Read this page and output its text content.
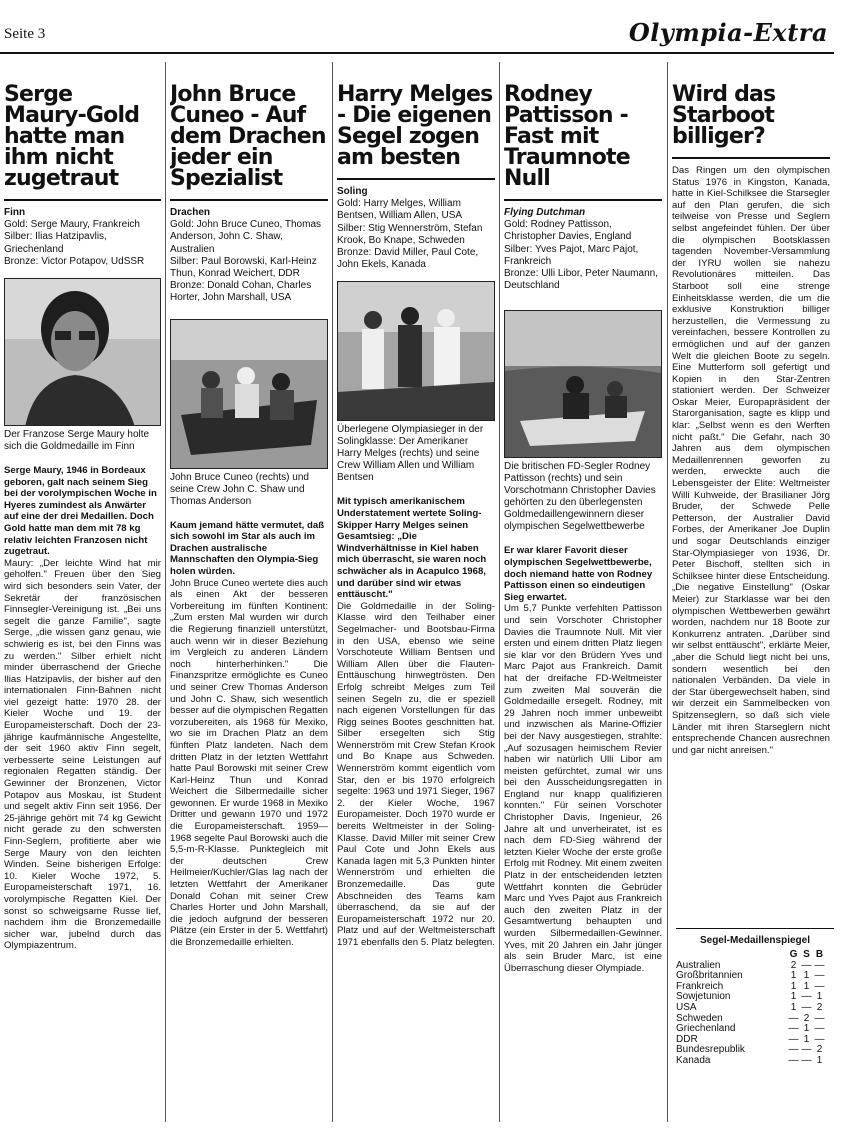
Seite 3	Olympia-Extra
Serge Maury-Gold hatte man ihm nicht zugetraut
Finn
Gold: Serge Maury, Frankreich
Silber: Ilias Hatzipavlis, Griechenland
Bronze: Victor Potapov, UdSSR
Der Franzose Serge Maury holte sich die Goldmedaille im Finn
Serge Maury, 1946 in Bordeaux geboren, galt nach seinem Sieg bei der vorolympischen Woche in Hyeres zumindest als Anwärter auf eine der drei Medaillen. Doch Gold hatte man dem mit 78 kg relativ leichten Franzosen nicht zugetraut.
Maury: „Der leichte Wind hat mir geholfen." Freuen über den Sieg wird sich besonders sein Vater, der Sekretär der französischen Finnsegler-Vereinigung ist. „Bei uns segelt die ganze Familie", sagte Serge, „die wissen ganz genau, wie schwierig es ist, bei den Finns was zu werden." Silber erhielt nicht minder überraschend der Grieche Ilias Hatzipavlis, der bisher auf den internationalen Finn-Bahnen nicht viel gezeigt hatte: 1970 28. der Kieler Woche und 19. der Europameisterschaft. Doch der 23-jährige kaufmännische Angestellte, der seit 1960 aktiv Finn segelt, verbesserte seine Leistungen auf regionalen Regatten ständig. Der Gewinner der Bronzenen, Victor Potapov aus Moskau, ist Student und segelt aktiv Finn seit 1956. Der 25-jährige gehört mit 74 kg Gewicht nicht gerade zu den schwersten Finn-Seglern, profitierte aber wie Serge Maury von den leichten Winden. Seine bisherigen Erfolge: 10. Kieler Woche 1972, 5. Europameisterschaft 1971, 16. vorolympische Regatten Kiel. Der sonst so schweigsame Russe lief, nachdem ihm die Bronzemedaille sicher war, jubelnd durch das Olympiazentrum.
John Bruce Cuneo - Auf dem Drachen jeder ein Spezialist
Drachen
Gold: John Bruce Cuneo, Thomas Anderson, John C. Shaw, Australien
Silber: Paul Borowski, Karl-Heinz Thun, Konrad Weichert, DDR
Bronze: Donald Cohan, Charles Horter, John Marshall, USA
John Bruce Cuneo (rechts) und seine Crew John C. Shaw und Thomas Anderson
Kaum jemand hätte vermutet, daß sich sowohl im Star als auch im Drachen australische Mannschaften den Olympia-Sieg holen würden.
John Bruce Cuneo wertete dies auch als einen Akt der besseren Vorbereitung im fünften Kontinent: „Zum ersten Mal wurden wir durch die Regierung finanziell unterstützt, auch wenn wir in dieser Beziehung im Vergleich zu anderen Ländern noch hinterherhinken." Die Finanzspritze ermöglichte es Cuneo und seiner Crew Thomas Anderson und John C. Shaw, sich wesentlich besser auf die olympischen Regatten vorzubereiten, als 1968 für Mexiko, wo sie im Drachen Platz an dem fünften Platz landeten. Nach dem dritten Platz in der letzten Wettfahrt hatte Paul Borowski mit seiner Crew Karl-Heinz Thun und Konrad Weichert die Silbermedaille sicher gewonnen. Er wurde 1968 in Mexiko Dritter und gewann 1970 und 1972 die Europameisterschaft. 1959—1968 segelte Paul Borowski auch die 5,5-m-R-Klasse. Punktegleich mit der deutschen Crew Heilmeier/Kuchler/Glas lag nach der letzten Wettfahrt der Amerikaner Donald Cohan mit seiner Crew Charles Horter und John Marshall, die jedoch aufgrund der besseren Plätze (ein Erster in der 5. Wettfahrt) die Bronzemedaille erhielten.
Harry Melges - Die eigenen Segel zogen am besten
Soling
Gold: Harry Melges, William Bentsen, William Allen, USA
Silber: Stig Wennerström, Stefan Krook, Bo Knape, Schweden
Bronze: David Miller, Paul Cote, John Ekels, Kanada
Überlegene Olympiasieger in der Solingklasse: Der Amerikaner Harry Melges (rechts) und seine Crew William Allen und William Bentsen
Mit typisch amerikanischem Understatement wertete Soling-Skipper Harry Melges seinen Gesamtsieg: „Die Windverhältnisse in Kiel haben mich überrascht, sie waren noch schwächer als in Acapulco 1968, und darüber sind wir etwas enttäuscht."
Die Goldmedaille in der Soling-Klasse wird den Teilhaber einer Segelmacher- und Bootsbau-Firma in den USA, ebenso wie seine Vorschoteute William Bentsen und William Allen über die Flauten-Enttäuschung hinwegtrösten. Den Erfolg schreibt Melges zum Teil seinen Segeln zu, die er speziell nach eigenen Vorstellungen für das Rigg seines Bootes geschnitten hat. Silber ersegelten sich Stig Wennerström mit Crew Stefan Krook und Bo Knape aus Schweden. Wennerström kommt eigentlich vom Star, den er bis 1970 erfolgreich segelte: 1963 und 1971 Sieger, 1967 2. der Kieler Woche, 1967 Europameister. Doch 1970 wurde er bereits Weltmeister in der Soling-Klasse. David Miller mit seiner Crew Paul Cote und John Ekels aus Kanada lagen mit 5,3 Punkten hinter Wennerström und erhielten die Bronzemedaille. Das gute Abschneiden des Teams kam überraschend, da sie auf der Europameisterschaft 1972 nur 20. Platz und auf der Weltmeisterschaft 1971 ebenfalls den 5. Platz belegten.
Rodney Pattisson - Fast mit Traumnote Null
Flying Dutchman
Gold: Rodney Pattisson, Christopher Davies, England
Silber: Yves Pajot, Marc Pajot, Frankreich
Bronze: Ulli Libor, Peter Naumann, Deutschland
Die britischen FD-Segler Rodney Pattisson (rechts) und sein Vorschotmann Christopher Davies gehörten zu den überlegensten Goldmedaillengewinnern dieser olympischen Segelwettbewerbe
Er war klarer Favorit dieser olympischen Segelwettbewerbe, doch niemand hatte von Rodney Pattisson einen so eindeutigen Sieg erwartet.
Um 5,7 Punkte verfehlten Pattisson und sein Vorschoter Christopher Davies die Traumnote Null. Mit vier ersten und einem dritten Platz liegen sie klar vor den Brüdern Yves und Marc Pajot aus Frankreich. Damit hat der dreifache FD-Weltmeister zum zweiten Mal souverän die Goldmedaille ersegelt. Rodney, mit 29 Jahren noch immer unbeweibt und inzwischen als Marine-Offizier bei der Navy ausgestiegen, strahlte: „Auf sozusagen heimischem Revier haben wir natürlich Ulli Libor am meisten gefürchtet, zumal wir uns bei den Ausscheidungsregatten in England nur knapp qualifizieren konnten." Für seinen Vorschoter Christopher Davis, Ingenieur, 26 Jahre alt und unverheiratet, ist es nach dem FD-Sieg während der letzten Kieler Woche der erste große Erfolg mit Rodney. Mit einem zweiten Platz in der entscheidenden letzten Wettfahrt konnten die Gebrüder Marc und Yves Pajot aus Frankreich auch den zweiten Platz in der Gesamtwertung behaupten und wurden Silbermedaillen-Gewinner. Yves, mit 20 Jahren ein Jahr jünger als sein Bruder Marc, ist eine Überraschung dieser Olympiade.
Wird das Starboot billiger?
Das Ringen um den olympischen Status 1976 in Kingston, Kanada, hatte in Kiel-Schilksee die Starsegler auf den Plan gerufen, die sich teilweise von Presse und Seglern selbst angefeindet fühlen. Der über die olympischen Bootsklassen tagenden November-Versammlung der IYRU wollen sie nahezu Revolutionäres mitteilen. Das Starboot soll eine strenge Einheitsklasse werden, die um die exklusive Konstruktion billiger herzustellen, die Vermessung zu vereinfachen, bessere Kontrollen zu ermöglichen und auf der ganzen Welt die gleichen Boote zu segeln. Eine Mutterform soll gefertigt und Kopien in den Star-Zentren stationiert werden. Der Schweizer Oskar Meier, Europapräsident der Starorganisation, sagte es klipp und klar: „Selbst wenn es den Werften nicht paßt." Die Gefahr, nach 30 Jahren aus dem olympischen Medaillenrennen geworfen zu werden, erweckte auch die Lebensgeister der Elite: Weltmeister Willi Kuhweide, der Brasilianer Jörg Bruder, der Schwede Pelle Petterson, der Australier David Forbes, der Amerikaner Joe Duplin und sogar Deutschlands einziger Star-Olympiasieger von 1936, Dr. Peter Bischoff, stellten sich in Schilksee hinter diese Entscheidung. „Die negative Einstellung" (Oskar Meier) zur Starklasse war bei den olympischen Wettbewerben gewährt worden, nachdem nur 18 Boote zur Konkurrenz antraten. „Darüber sind wir selbst enttäuscht", erklärte Meier, „aber die Schuld liegt nicht bei uns, sondern wesentlich bei den nationalen Verbänden. Da viele in der Star übergewechselt haben, sind wir derzeit ein Sammelbecken von Spitzenseglern, so daß sich viele Länder mit ihren Starseglern nicht entsprechende Chancen ausrechnen und gar nicht anreisen."
Segel-Medaillenspiegel
	G	S	B
Australien	2	—	—
Großbritannien	1	1	—
Frankreich	1	1	—
Sowjetunion	1	—	1
USA	1	—	2
Schweden	—	2	—
Griechenland	—	1	—
DDR	—	1	—
Bundesrepublik	—	—	2
Kanada	—	—	1
